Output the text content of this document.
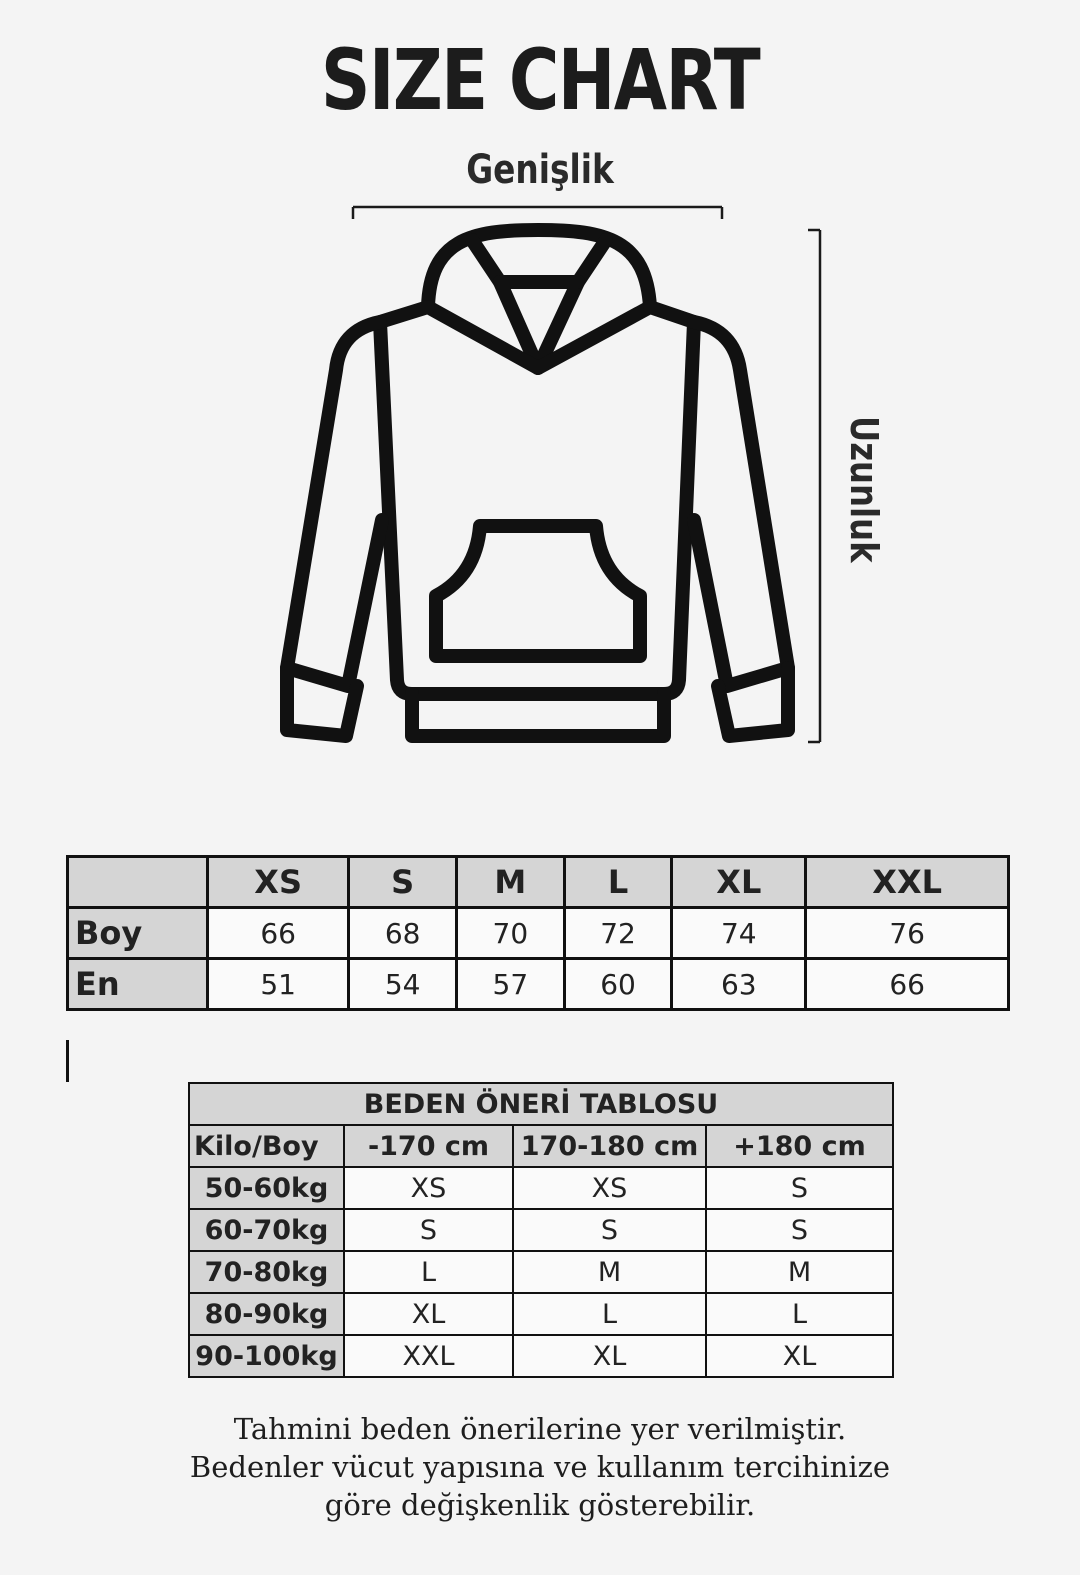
SIZE CHART
Genişlik
Uzunluk
	XS	S	M	L	XL	XXL
Boy	66	68	70	72	74	76
En	51	54	57	60	63	66
BEDEN ÖNERİ TABLOSU			
Kilo/Boy	-170 cm	170-180 cm	+180 cm
50-60kg	XS	XS	S
60-70kg	S	S	S
70-80kg	L	M	M
80-90kg	XL	L	L
90-100kg	XXL	XL	XL
Tahmini beden önerilerine yer verilmiştir.
Bedenler vücut yapısına ve kullanım tercihinize
göre değişkenlik gösterebilir.
